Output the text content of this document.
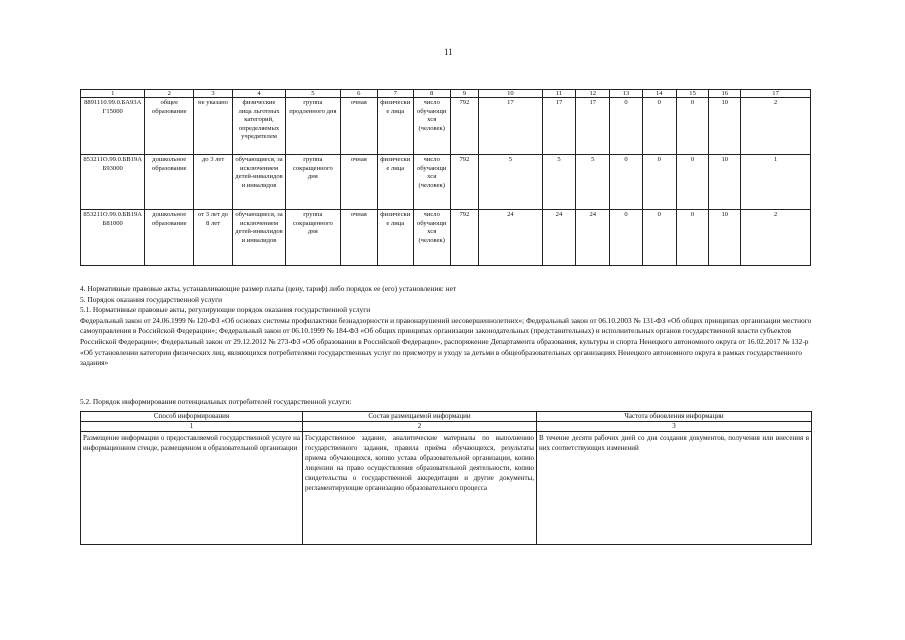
11
1	2	3	4	5	6	7	8	9	10	11	12	13	14	15	16	17
8891110.99.0.БА93АГ15000	общее образование	не указано	физические лица льготных категорий, определяемых учредителем	группа продленного дня	очная	физические лица	число обучающихся (человек)	792	17	17	17	0	0	0	10	2
853211О.99.0.БВ19АБ93000	дошкольное образование	до 3 лет	обучающиеся, за исключением детей-инвалидов и инвалидов	группа сокращенного дня	очная	физические лица	число обучающихся (человек)	792	5	5	5	0	0	0	10	1
853211О.99.0.БВ19АБ81000	дошкольное образование	от 3 лет до 8 лет	обучающиеся, за исключением детей-инвалидов и инвалидов	группа сокращенного дня	очная	физические лица	число обучающихся (человек)	792	24	24	24	0	0	0	10	2

4. Нормативные правовые акты, устанавливающие размер платы (цену, тариф) либо порядок ее (его) установления: нет

5. Порядок оказания государственной услуги

5.1. Нормативные правовые акты, регулирующие порядок оказания государственной услуги

Федеральный закон от 24.06.1999 № 120-ФЗ «Об основах системы профилактики безнадзорности и правонарушений несовершеннолетних»; Федеральный закон от 06.10.2003 № 131-ФЗ «Об общих принципах организации местного самоуправления в Российской Федерации»; Федеральный закон от 06.10.1999 № 184-ФЗ «Об общих принципах организации законодательных (представительных) и исполнительных органов государственной власти субъектов Российской Федерации»; Федеральный закон от 29.12.2012 № 273-ФЗ «Об образовании в Российской Федерации», распоряжение Департамента образования, культуры и спорта Ненецкого автономного округа от 16.02.2017 № 132-р «Об установлении категории физических лиц, являющихся потребителями государственных услуг по присмотру и уходу за детьми в общеобразовательных организациях Ненецкого автономного округа в рамках государственного задания»

5.2. Порядок информирования потенциальных потребителей государственной услуги:
Способ информирования	Состав размещаемой информации	Частота обновления информации
1	2	3
Размещение информации о предоставляемой государственной услуге на информационном стенде, размещенном в образовательной организации	Государственное задание, аналитические материалы по выполнению государственного задания, правила приёма обучающихся, результаты приема обучающихся, копию устава образовательной организации, копию лицензии на право осуществления образовательной деятельности, копию свидетельства о государственной аккредитации и другие документы, регламентирующие организацию образовательного процесса	В течение десяти рабочих дней со дня создания документов, получения или внесения в них соответствующих изменений
